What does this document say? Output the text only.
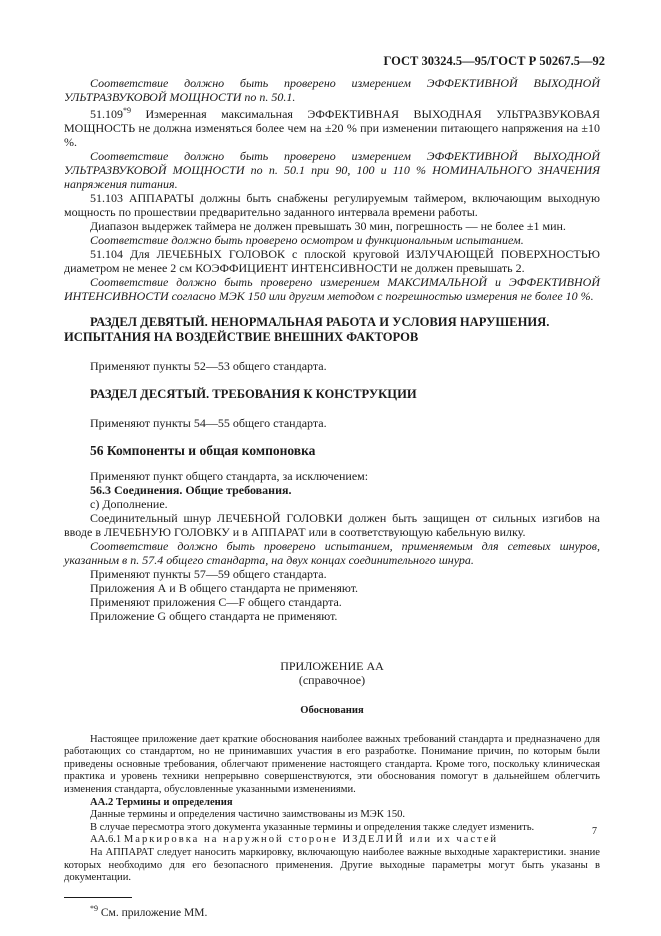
ГОСТ 30324.5—95/ГОСТ Р 50267.5—92

Соответствие должно быть проверено измерением ЭФФЕКТИВНОЙ ВЫХОДНОЙ УЛЬТРАЗВУКОВОЙ МОЩНОСТИ по п. 50.1.

51.109$^{*9}$ Измеренная максимальная ЭФФЕКТИВНАЯ ВЫХОДНАЯ УЛЬТРАЗВУКОВАЯ МОЩНОСТЬ не должна изменяться более чем на ±20 % при изменении питающего напряжения на ±10 %.

Соответствие должно быть проверено измерением ЭФФЕКТИВНОЙ ВЫХОДНОЙ УЛЬТРАЗВУКОВОЙ МОЩНОСТИ по п. 50.1 при 90, 100 и 110 % НОМИНАЛЬНОГО ЗНАЧЕНИЯ напряжения питания.

51.103 АППАРАТЫ должны быть снабжены регулируемым таймером, включающим выходную мощность по прошествии предварительно заданного интервала времени работы.

Диапазон выдержек таймера не должен превышать 30 мин, погрешность — не более ±1 мин.

Соответствие должно быть проверено осмотром и функциональным испытанием.

51.104 Для ЛЕЧЕБНЫХ ГОЛОВОК с плоской круговой ИЗЛУЧАЮЩЕЙ ПОВЕРХНОСТЬЮ диаметром не менее 2 см КОЭФФИЦИЕНТ ИНТЕНСИВНОСТИ не должен превышать 2.

Соответствие должно быть проверено измерением МАКСИМАЛЬНОЙ и ЭФФЕКТИВНОЙ ИНТЕНСИВНОСТИ согласно МЭК 150 или другим методом с погрешностью измерения не более 10 %.

РАЗДЕЛ ДЕВЯТЫЙ. НЕНОРМАЛЬНАЯ РАБОТА И УСЛОВИЯ НАРУШЕНИЯ. ИСПЫТАНИЯ НА ВОЗДЕЙСТВИЕ ВНЕШНИХ ФАКТОРОВ

Применяют пункты 52—53 общего стандарта.

РАЗДЕЛ ДЕСЯТЫЙ. ТРЕБОВАНИЯ К КОНСТРУКЦИИ

Применяют пункты 54—55 общего стандарта.

56 Компоненты и общая компоновка

Применяют пункт общего стандарта, за исключением:

56.3 Соединения. Общие требования.

с) Дополнение.

Соединительный шнур ЛЕЧЕБНОЙ ГОЛОВКИ должен быть защищен от сильных изгибов на вводе в ЛЕЧЕБНУЮ ГОЛОВКУ и в АППАРАТ или в соответствующую кабельную вилку.

Соответствие должно быть проверено испытанием, применяемым для сетевых шнуров, указанным в п. 57.4 общего стандарта, на двух концах соединительного шнура.

Применяют пункты 57—59 общего стандарта.

Приложения А и В общего стандарта не применяют.

Применяют приложения С—F общего стандарта.

Приложение G общего стандарта не применяют.

ПРИЛОЖЕНИЕ АА

(справочное)

Обоснования

Настоящее приложение дает краткие обоснования наиболее важных требований стандарта и предназначено для работающих со стандартом, но не принимавших участия в его разработке. Понимание причин, по которым были приведены основные требования, облегчают применение настоящего стандарта. Кроме того, поскольку клиническая практика и уровень техники непрерывно совершенствуются, эти обоснования помогут в дальнейшем облегчить изменения стандарта, обусловленные указанными изменениями.

АА.2 Термины и определения

Данные термины и определения частично заимствованы из МЭК 150.

В случае пересмотра этого документа указанные термины и определения также следует изменить.

АА.6.1 Маркировка на наружной стороне ИЗДЕЛИЙ или их частей

На АППАРАТ следует наносить маркировку, включающую наиболее важные выходные характеристики. знание которых необходимо для его безопасного применения. Другие выходные параметры могут быть указаны в документации.

$^{*9}$ См. приложение ММ.

7
